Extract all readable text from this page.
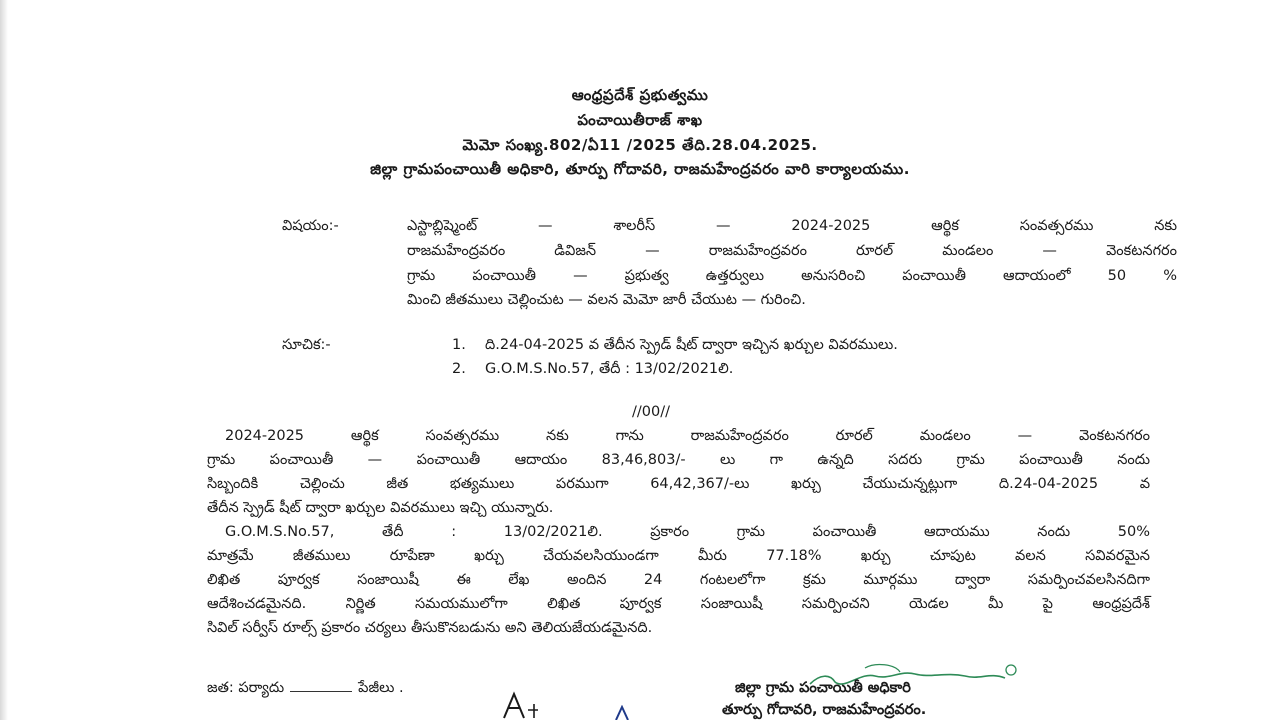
ఆంధ్రప్రదేశ్ ప్రభుత్వము
పంచాయితీరాజ్ శాఖ
మెమో సంఖ్య.802/ఏ11 /2025 తేది.28.04.2025.
జిల్లా గ్రామపంచాయితీ అధికారి, తూర్పు గోదావరి, రాజమహేంద్రవరం వారి కార్యాలయము.
విషయం:-	ఎస్టాబ్లిష్మెంట్ — శాలరీస్ — 2024-2025 ఆర్థిక సంవత్సరము నకు
రాజమహేంద్రవరం డివిజన్ — రాజమహేంద్రవరం రూరల్ మండలం — వెంకటనగరం
గ్రామ పంచాయితీ — ప్రభుత్వ ఉత్తర్వులు అనుసరించి పంచాయితీ ఆదాయంలో 50 %
మించి జీతములు చెల్లించుట — వలన మెమో జారీ చేయుట — గురించి.
సూచిక:-	1. ది.24-04-2025 వ తేదీన స్ప్రెడ్ షీట్ ద్వారా ఇచ్చిన ఖర్చుల వివరములు.
2. G.O.M.S.No.57, తేదీ : 13/02/2021లి.
//00//
2024-2025 ఆర్థిక సంవత్సరము నకు గాను రాజమహేంద్రవరం రూరల్ మండలం — వెంకటనగరం
గ్రామ పంచాయితీ — పంచాయితీ ఆదాయం 83,46,803/- లు గా ఉన్నది సదరు గ్రామ పంచాయితీ నందు
సిబ్బందికి చెల్లించు జీత భత్యములు పరముగా 64,42,367/-లు ఖర్చు చేయుచున్నట్లుగా ది.24-04-2025 వ
తేదీన స్ప్రెడ్ షీట్ ద్వారా ఖర్చుల వివరములు ఇచ్చి యున్నారు.
G.O.M.S.No.57, తేదీ : 13/02/2021లి. ప్రకారం గ్రామ పంచాయితీ ఆదాయము నందు 50%
మాత్రమే జీతములు రూపేణా ఖర్చు చేయవలసియుండగా మీరు 77.18% ఖర్చు చూపుట వలన సవివరమైన
లిఖిత పూర్వక సంజాయిషీ ఈ లేఖ అందిన 24 గంటలలోగా క్రమ మూర్గము ద్వారా సమర్పించవలసినదిగా
ఆదేశించడమైనది. నిర్ణిత సమయములోగా లిఖిత పూర్వక సంజాయిషీ సమర్పించని యెడల మీ పై ఆంధ్రప్రదేశ్
సివిల్ సర్వీస్ రూల్స్ ప్రకారం చర్యలు తీసుకొనబడును అని తెలియజేయడమైనది.
జత: పర్యాదు	పేజీలు .	జిల్లా గ్రామ పంచాయితీ అధికారి
తూర్పు గోదావరి, రాజమహేంద్రవరం.
